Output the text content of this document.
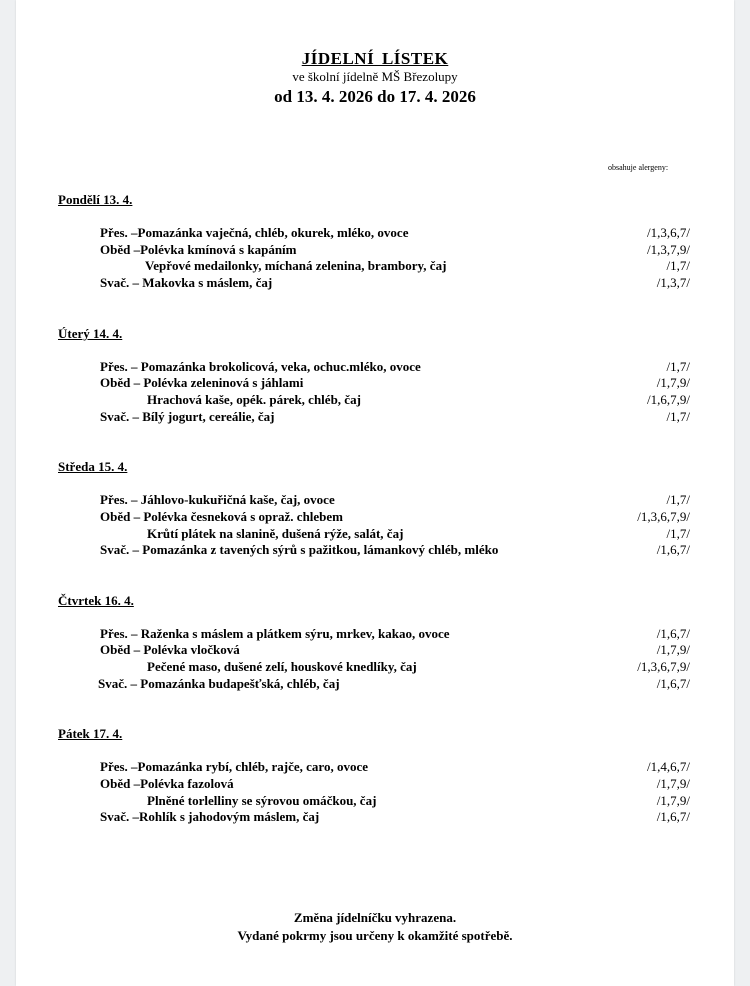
JÍDELNÍ LÍSTEK
ve školní jídelně MŠ Březolupy
od 13. 4. 2026 do 17. 4. 2026
obsahuje alergeny:
Pondělí 13. 4.
Přes. –Pomazánka vaječná, chléb, okurek, mléko, ovoce	/1,3,6,7/
Oběd –Polévka kmínová s kapáním	/1,3,7,9/
Vepřové medailonky, míchaná zelenina, brambory, čaj	/1,7/
Svač. – Makovka s máslem, čaj	/1,3,7/
Úterý 14. 4.
Přes. – Pomazánka brokolicová, veka, ochuc.mléko, ovoce	/1,7/
Oběd – Polévka zeleninová s jáhlami	/1,7,9/
Hrachová kaše, opék. párek, chléb, čaj	/1,6,7,9/
Svač. – Bílý jogurt, cereálie, čaj	/1,7/
Středa 15. 4.
Přes. – Jáhlovo-kukuřičná kaše, čaj, ovoce	/1,7/
Oběd – Polévka česneková s opraž. chlebem	/1,3,6,7,9/
Krůtí plátek na slanině, dušená rýže, salát, čaj	/1,7/
Svač. – Pomazánka z tavených sýrů s pažitkou, lámankový chléb, mléko	/1,6,7/
Čtvrtek 16. 4.
Přes. – Raženka s máslem a plátkem sýru, mrkev, kakao, ovoce	/1,6,7/
Oběd – Polévka vločková	/1,7,9/
Pečené maso, dušené zelí, houskové knedlíky, čaj	/1,3,6,7,9/
Svač. – Pomazánka budapešťská, chléb, čaj	/1,6,7/
Pátek 17. 4.
Přes. –Pomazánka rybí, chléb, rajče, caro, ovoce	/1,4,6,7/
Oběd –Polévka fazolová	/1,7,9/
Plněné torlelliny se sýrovou omáčkou, čaj	/1,7,9/
Svač. –Rohlík s jahodovým máslem, čaj	/1,6,7/
Změna jídelníčku vyhrazena.
Vydané pokrmy jsou určeny k okamžité spotřebě.
